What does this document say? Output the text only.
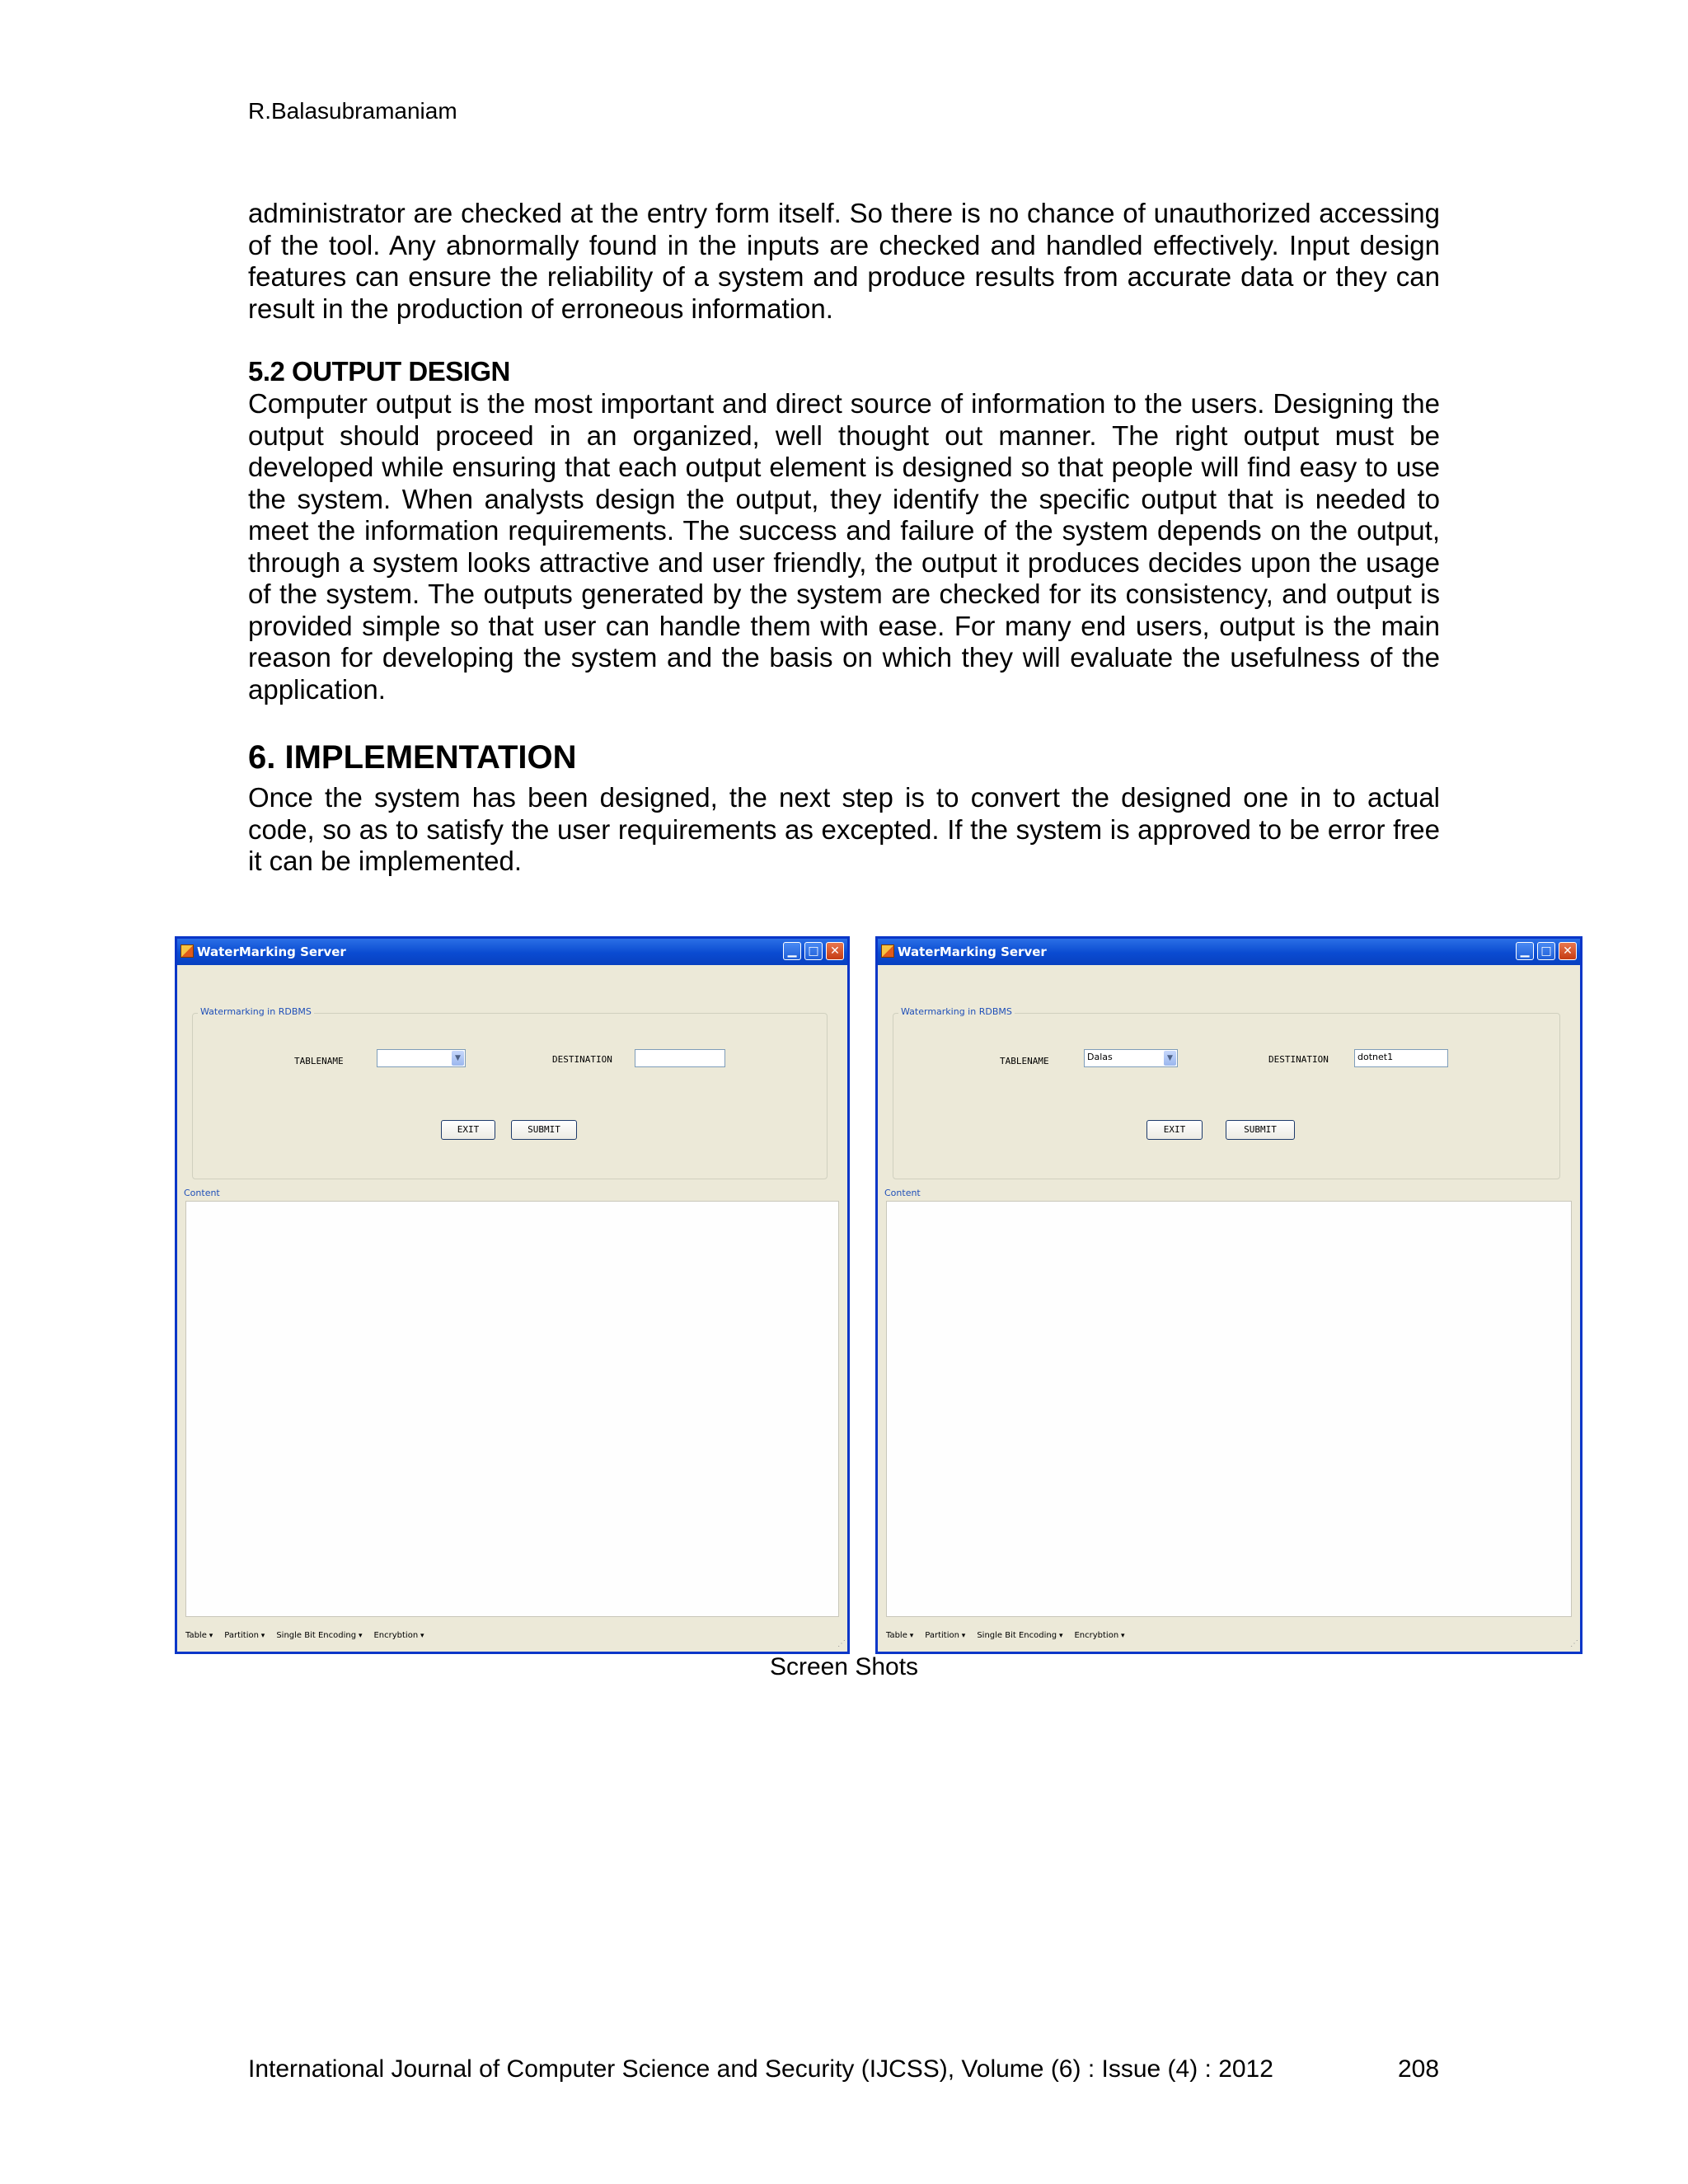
R.Balasubramaniam

administrator are checked at the entry form itself. So there is no chance of unauthorized accessing of the tool. Any abnormally found in the inputs are checked and handled effectively. Input design features can ensure the reliability of a system and produce results from accurate data or they can result in the production of erroneous information.

5.2 OUTPUT DESIGN

Computer output is the most important and direct source of information to the users. Designing the output should proceed in an organized, well thought out manner. The right output must be developed while ensuring that each output element is designed so that people will find easy to use the system. When analysts design the output, they identify the specific output that is needed to meet the information requirements. The success and failure of the system depends on the output, through a system looks attractive and user friendly, the output it produces decides upon the usage of the system. The outputs generated by the system are checked for its consistency, and output is provided simple so that user can handle them with ease. For many end users, output is the main reason for developing the system and the basis on which they will evaluate the usefulness of the application.

6. IMPLEMENTATION

Once the system has been designed, the next step is to convert the designed one in to actual code, so as to satisfy the user requirements as excepted. If the system is approved to be error free it can be implemented.

WaterMarking Server	▁ □ ✕
Watermarking in RDBMS
TABLENAME	▼	DESTINATION
EXIT	SUBMIT
Content
Table ▾	Partition ▾	Single Bit Encoding ▾	Encrybtion ▾
⋰
WaterMarking Server	▁ □ ✕
Watermarking in RDBMS
TABLENAME	Dalas	▼	DESTINATION	dotnet1
EXIT	SUBMIT
Content
Table ▾	Partition ▾	Single Bit Encoding ▾	Encrybtion ▾
⋰
Screen Shots
International Journal of Computer Science and Security (IJCSS), Volume (6) : Issue (4) : 2012	208
